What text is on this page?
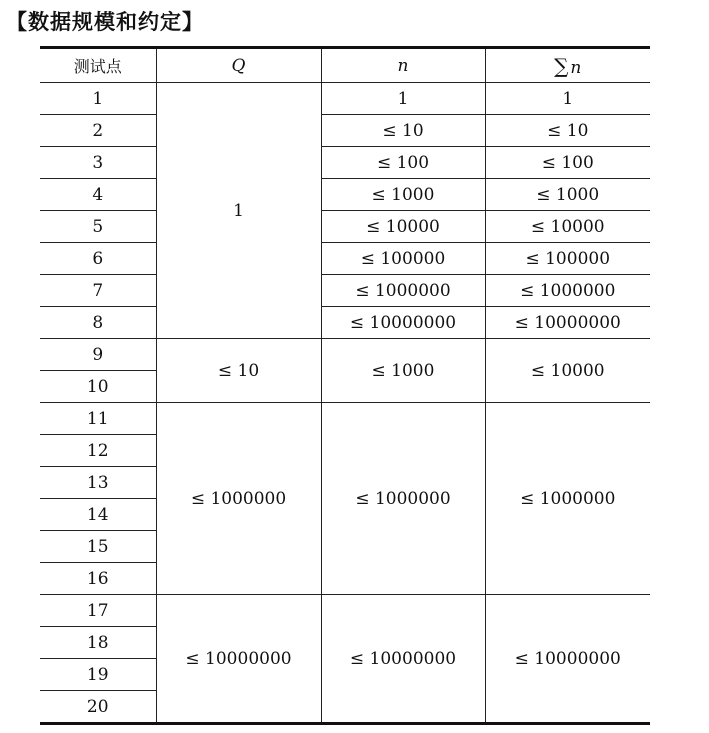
【数据规模和约定】
测试点	Q	n	∑ n
1	1	1	1
2		≤ 10	≤ 10
3		≤ 100	≤ 100
4		≤ 1000	≤ 1000
5		≤ 10000	≤ 10000
6		≤ 100000	≤ 100000
7		≤ 1000000	≤ 1000000
8		≤ 10000000	≤ 10000000
9	≤ 10	≤ 1000	≤ 10000
10			
11	≤ 1000000	≤ 1000000	≤ 1000000
12			
13			
14			
15			
16			
17	≤ 10000000	≤ 10000000	≤ 10000000
18			
19			
20			
